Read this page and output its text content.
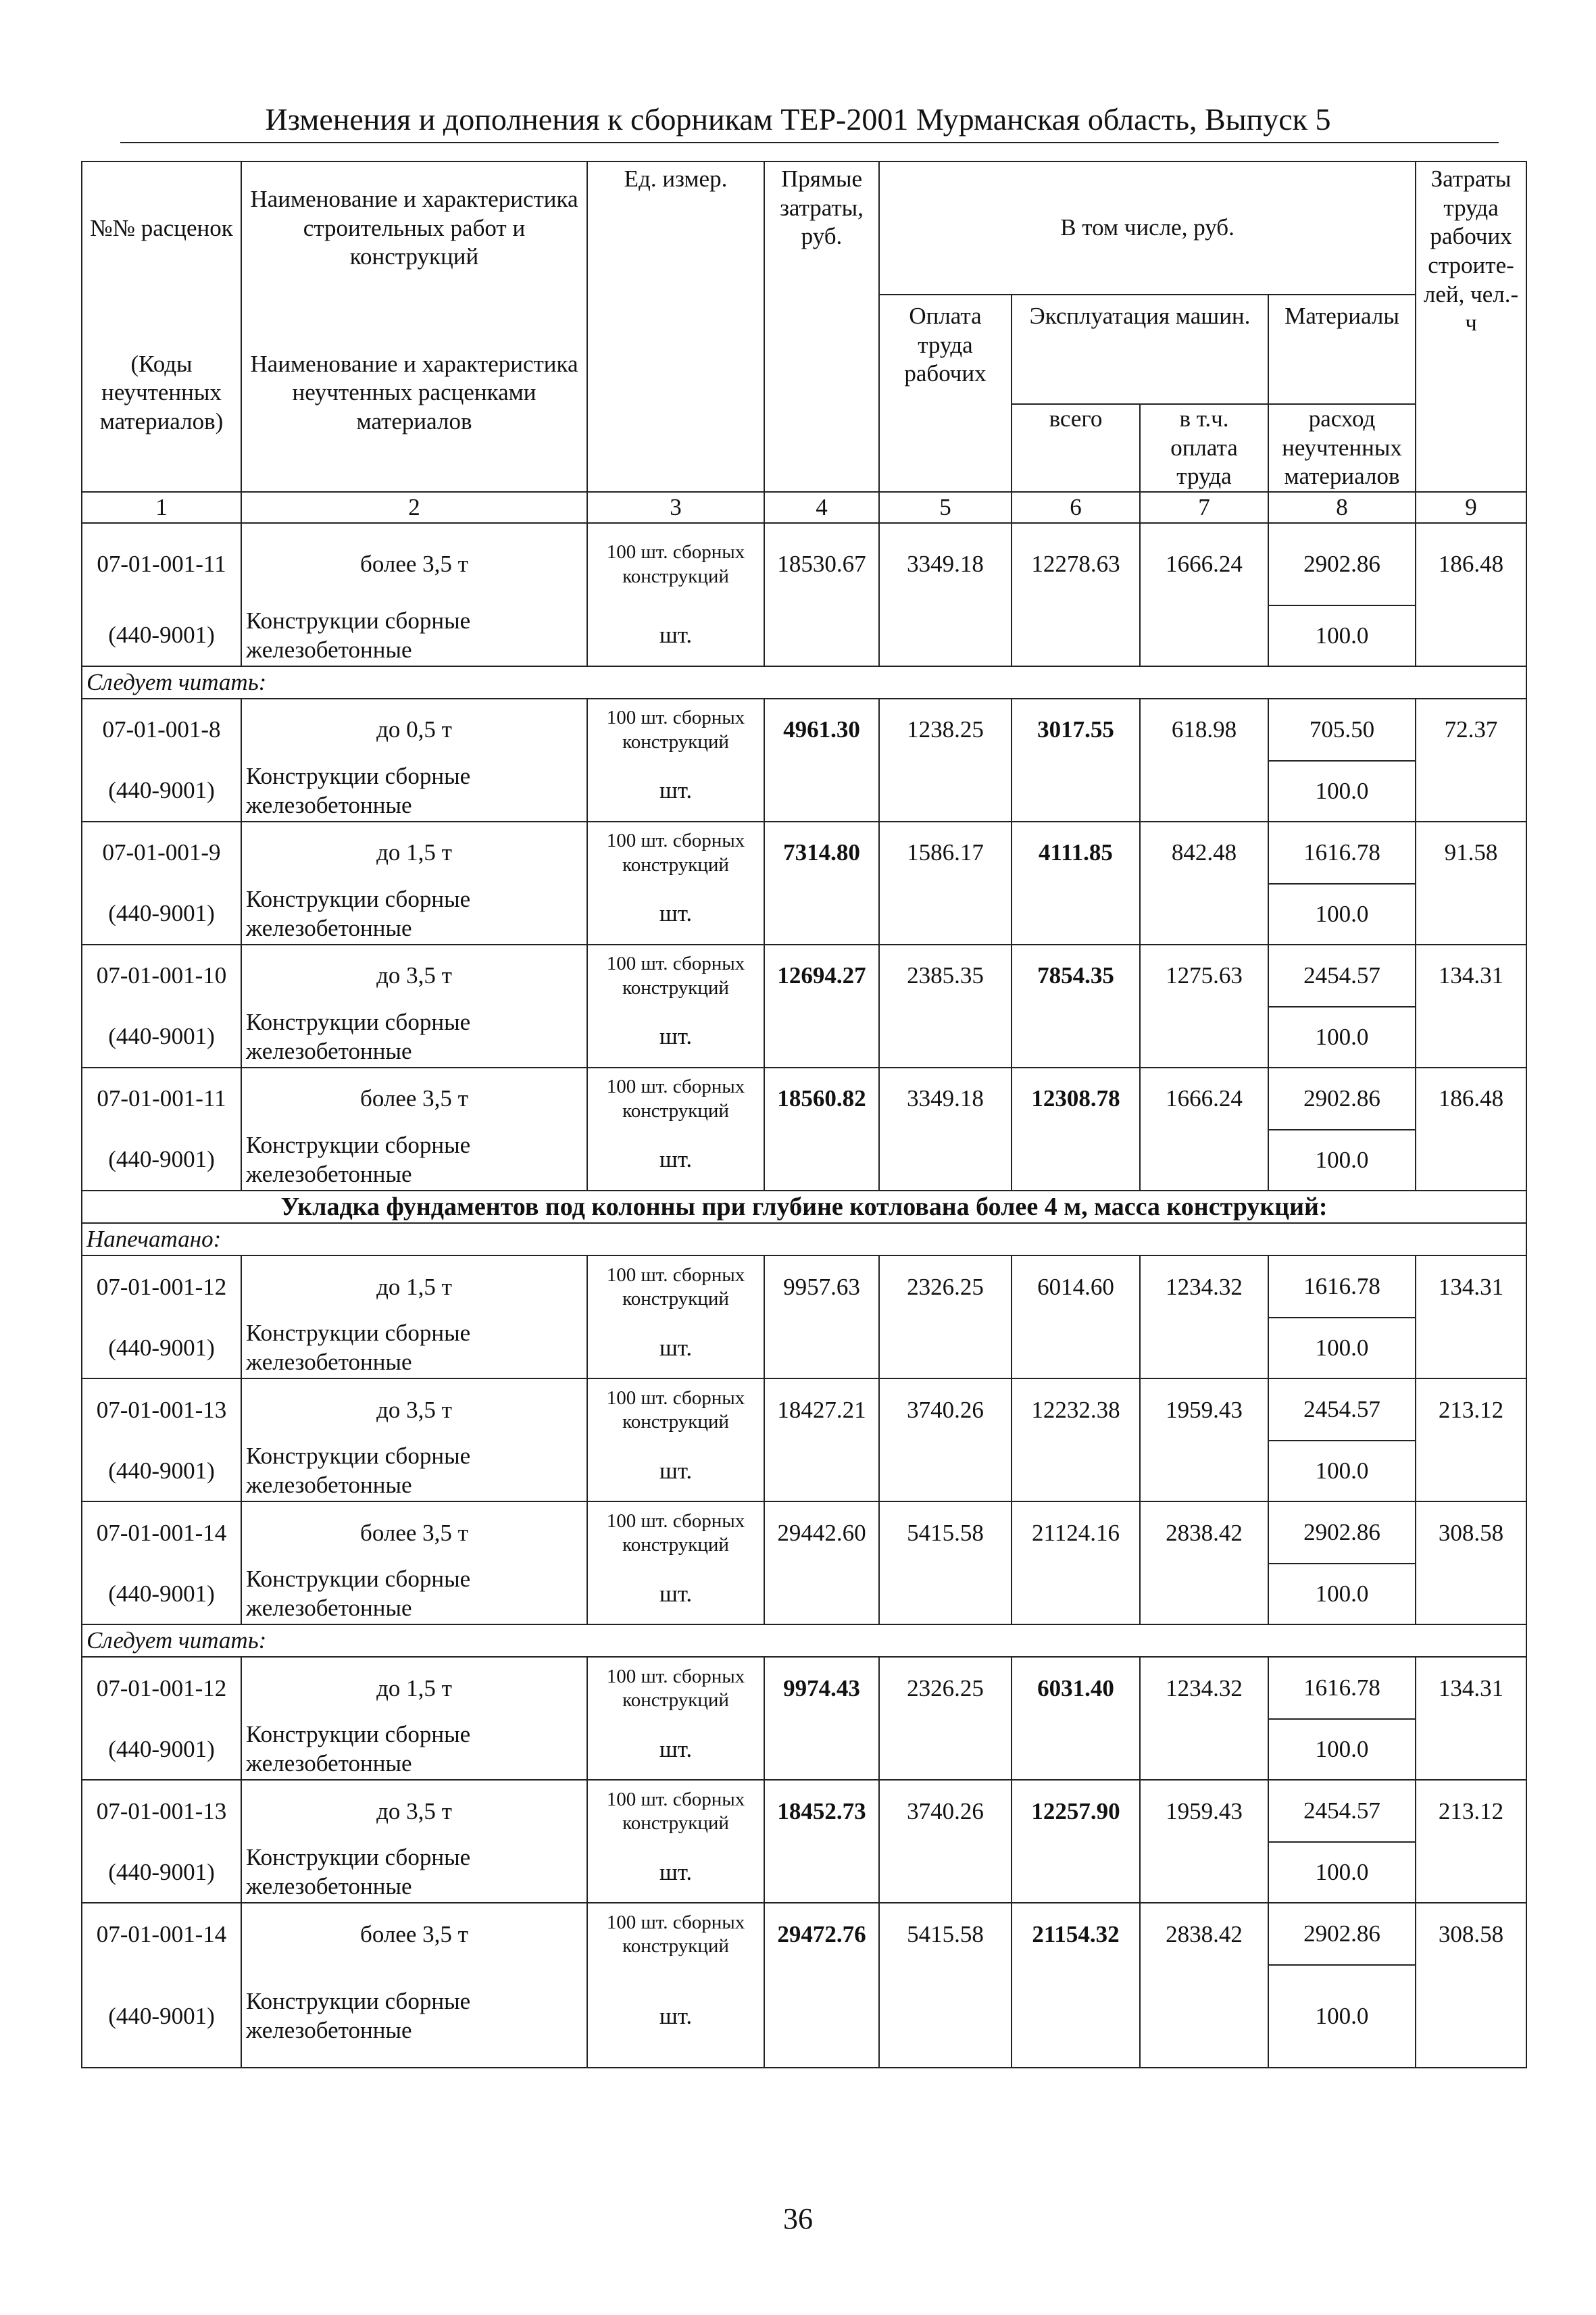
Изменения и дополнения к сборникам ТЕР-2001 Мурманская область, Выпуск 5
№№ расценок	Наименование и характеристика строительных работ и конструкций	Ед. измер.	Прямые затраты, руб.	В том числе, руб.				Затраты труда рабочих строите-лей, чел.-ч
(Коды неучтенных материалов)	Наименование и характеристика неучтенных расценками материалов			Оплата труда рабочих	Эксплуатация машин.		Материалы	
					всего	в т.ч. оплата труда	расход неучтенных материалов	
1	2	3	4	5	6	7	8	9
07-01-001-11	более 3,5 т	100 шт. сборных конструкций	18530.67	3349.18	12278.63	1666.24	2902.86	186.48
(440-9001)	Конструкции сборные железобетонные	шт.					100.0	
Следует читать:								
07-01-001-8	до 0,5 т	100 шт. сборных конструкций	4961.30	1238.25	3017.55	618.98	705.50	72.37
(440-9001)	Конструкции сборные железобетонные	шт.					100.0	
07-01-001-9	до 1,5 т	100 шт. сборных конструкций	7314.80	1586.17	4111.85	842.48	1616.78	91.58
(440-9001)	Конструкции сборные железобетонные	шт.					100.0	
07-01-001-10	до 3,5 т	100 шт. сборных конструкций	12694.27	2385.35	7854.35	1275.63	2454.57	134.31
(440-9001)	Конструкции сборные железобетонные	шт.					100.0	
07-01-001-11	более 3,5 т	100 шт. сборных конструкций	18560.82	3349.18	12308.78	1666.24	2902.86	186.48
(440-9001)	Конструкции сборные железобетонные	шт.					100.0	
Укладка фундаментов под колонны при глубине котлована более 4 м, масса конструкций:								
Напечатано:								
07-01-001-12	до 1,5 т	100 шт. сборных конструкций	9957.63	2326.25	6014.60	1234.32	1616.78	134.31
(440-9001)	Конструкции сборные железобетонные	шт.					100.0	
07-01-001-13	до 3,5 т	100 шт. сборных конструкций	18427.21	3740.26	12232.38	1959.43	2454.57	213.12
(440-9001)	Конструкции сборные железобетонные	шт.					100.0	
07-01-001-14	более 3,5 т	100 шт. сборных конструкций	29442.60	5415.58	21124.16	2838.42	2902.86	308.58
(440-9001)	Конструкции сборные железобетонные	шт.					100.0	
Следует читать:								
07-01-001-12	до 1,5 т	100 шт. сборных конструкций	9974.43	2326.25	6031.40	1234.32	1616.78	134.31
(440-9001)	Конструкции сборные железобетонные	шт.					100.0	
07-01-001-13	до 3,5 т	100 шт. сборных конструкций	18452.73	3740.26	12257.90	1959.43	2454.57	213.12
(440-9001)	Конструкции сборные железобетонные	шт.					100.0	
07-01-001-14	более 3,5 т	100 шт. сборных конструкций	29472.76	5415.58	21154.32	2838.42	2902.86	308.58
(440-9001)	Конструкции сборные железобетонные	шт.					100.0	
36
